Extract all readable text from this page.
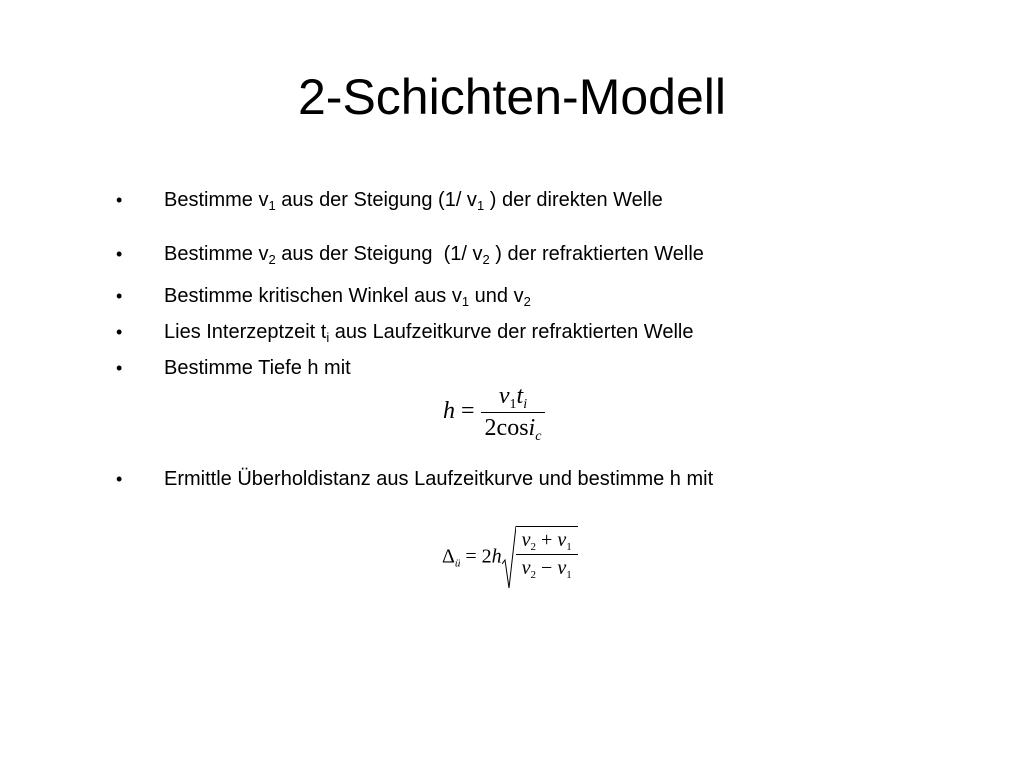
2-Schichten-Modell
• Bestimme $v_1$ aus der Steigung (1/ $v_1$ ) der direkten Welle
• Bestimme $v_2$ aus der Steigung  (1/ $v_2$ ) der refraktierten Welle
• Bestimme kritischen Winkel aus $v_1$ und $v_2$
• Lies Interzeptzeit $t_i$ aus Laufzeitkurve der refraktierten Welle
• Bestimme Tiefe h mit
$h = \frac{v_1t_i}{2\cos i_c}$
• Ermittle Überholdistanz aus Laufzeitkurve und bestimme h mit
$\Delta_ü = 2h \frac{v_2 + v_1}{v_2 - v_1}$
